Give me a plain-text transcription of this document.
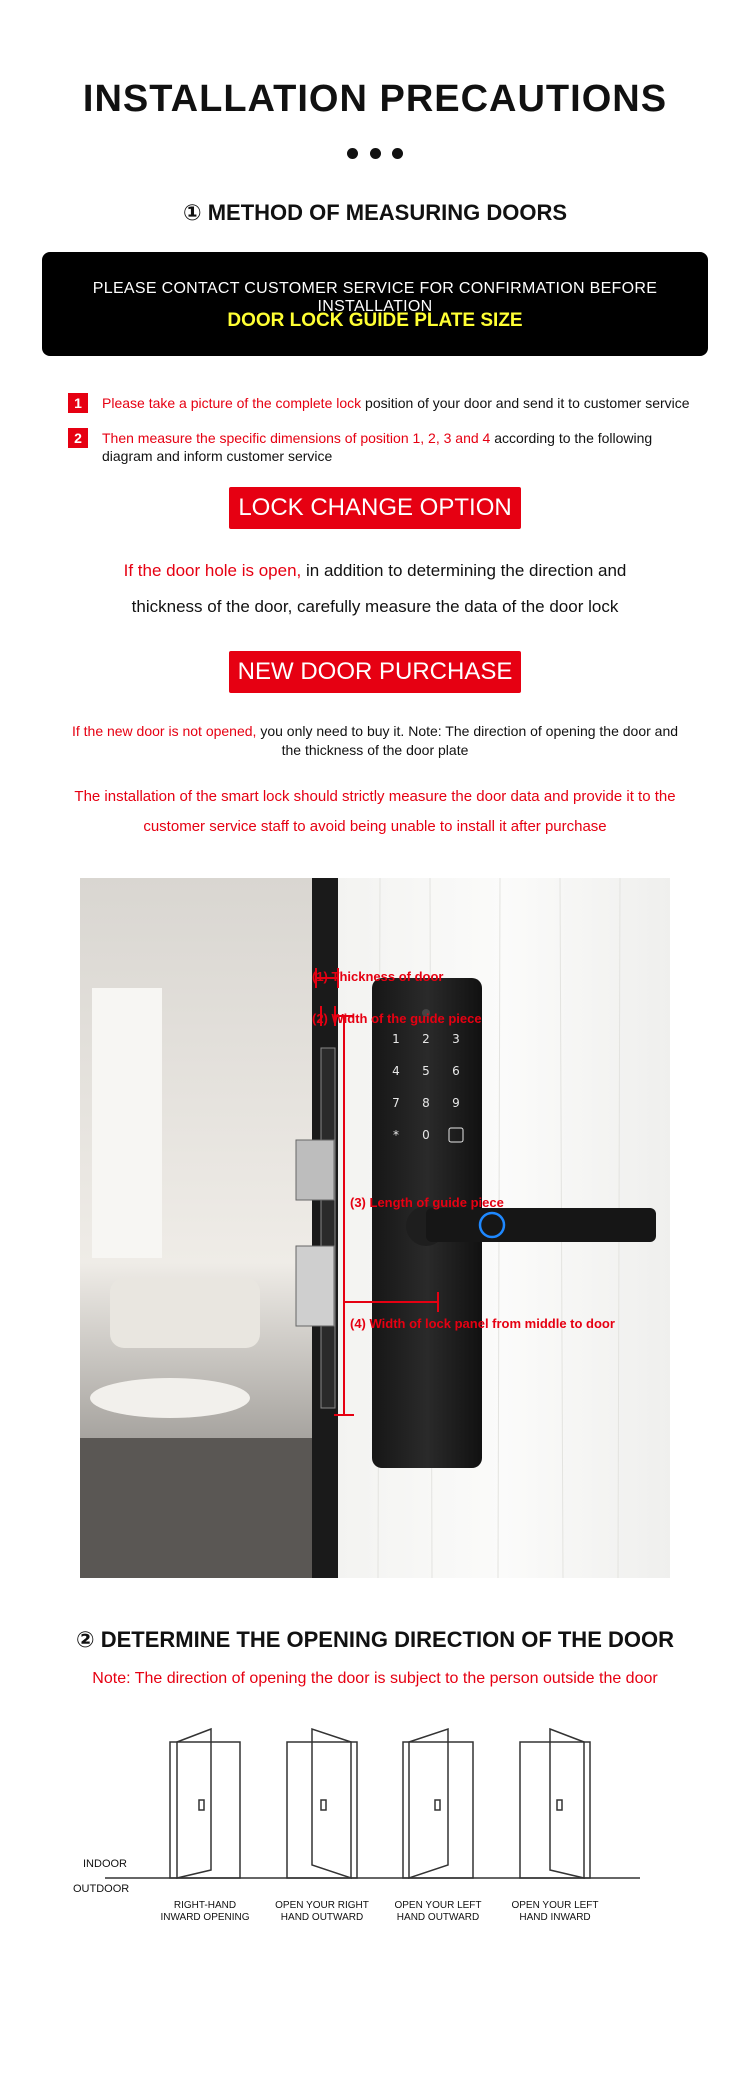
INSTALLATION PRECAUTIONS
① METHOD OF MEASURING DOORS
PLEASE CONTACT CUSTOMER SERVICE FOR CONFIRMATION BEFORE INSTALLATION
DOOR LOCK GUIDE PLATE SIZE
1	Please take a picture of the complete lock position of your door and send it to customer service
2	Then measure the specific dimensions of position 1, 2, 3 and 4 according to the following diagram and inform customer service
LOCK CHANGE OPTION
If the door hole is open, in addition to determining the direction and thickness of the door, carefully measure the data of the door lock
NEW DOOR PURCHASE
If the new door is not opened, you only need to buy it. Note: The direction of opening the door and the thickness of the door plate
The installation of the smart lock should strictly measure the door data and provide it to the customer service staff to avoid being unable to install it after purchase
1 2 3
4 5 6
7 8 9
* 0
(1) Thickness of door
(2) Width of the guide piece
(3) Length of guide piece
(4) Width of lock panel from middle to door
② DETERMINE THE OPENING DIRECTION OF THE DOOR
Note: The direction of opening the door is subject to the person outside the door
INDOOR
OUTDOOR
RIGHT-HAND
INWARD OPENING
OPEN YOUR RIGHT
HAND OUTWARD
OPEN YOUR LEFT
HAND OUTWARD
OPEN YOUR LEFT
HAND INWARD
